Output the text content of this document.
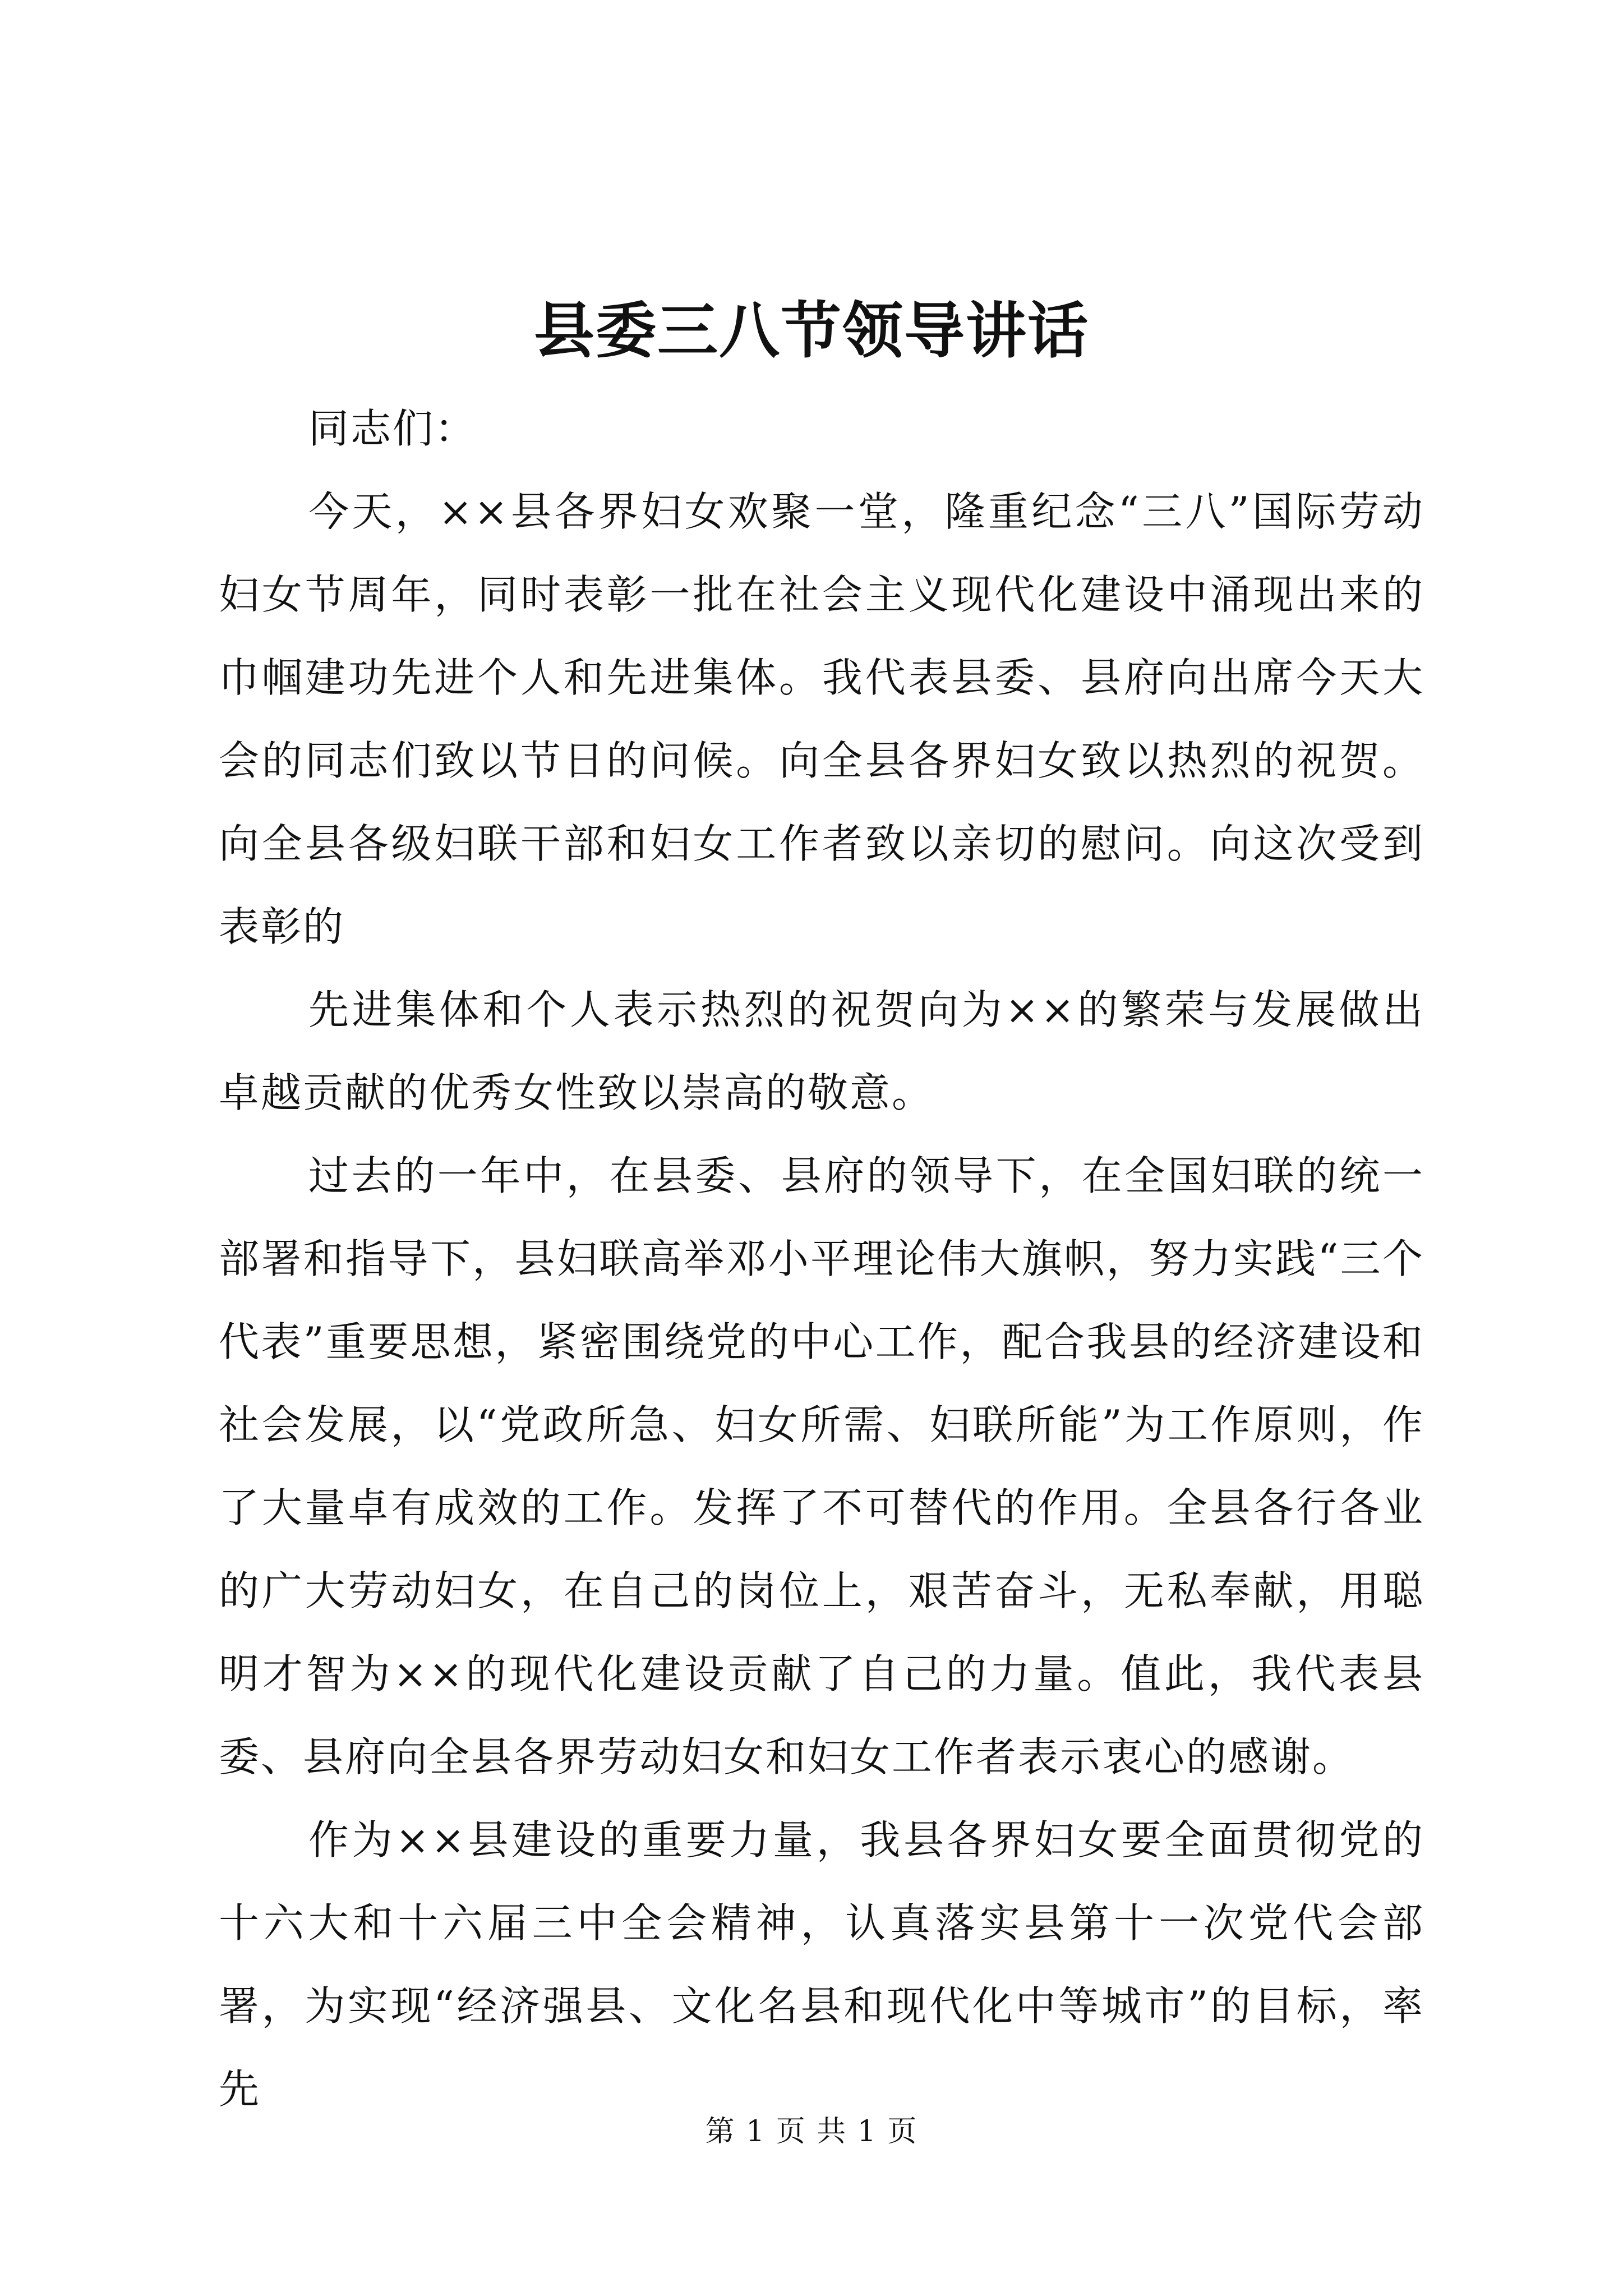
县委三八节领导讲话

同志们：

今天，××县各界妇女欢聚一堂，隆重纪念“三八”国际劳动妇女节周年，同时表彰一批在社会主义现代化建设中涌现出来的巾帼建功先进个人和先进集体。我代表县委、县府向出席今天大会的同志们致以节日的问候。向全县各界妇女致以热烈的祝贺。向全县各级妇联干部和妇女工作者致以亲切的慰问。向这次受到表彰的

先进集体和个人表示热烈的祝贺向为××的繁荣与发展做出卓越贡献的优秀女性致以崇高的敬意。

过去的一年中，在县委、县府的领导下，在全国妇联的统一部署和指导下，县妇联高举邓小平理论伟大旗帜，努力实践“三个代表”重要思想，紧密围绕党的中心工作，配合我县的经济建设和社会发展，以“党政所急、妇女所需、妇联所能”为工作原则，作了大量卓有成效的工作。发挥了不可替代的作用。全县各行各业的广大劳动妇女，在自己的岗位上，艰苦奋斗，无私奉献，用聪明才智为××的现代化建设贡献了自己的力量。值此，我代表县委、县府向全县各界劳动妇女和妇女工作者表示衷心的感谢。

作为××县建设的重要力量，我县各界妇女要全面贯彻党的十六大和十六届三中全会精神，认真落实县第十一次党代会部署，为实现“经济强县、文化名县和现代化中等城市”的目标，率先

第 1 页 共 1 页
